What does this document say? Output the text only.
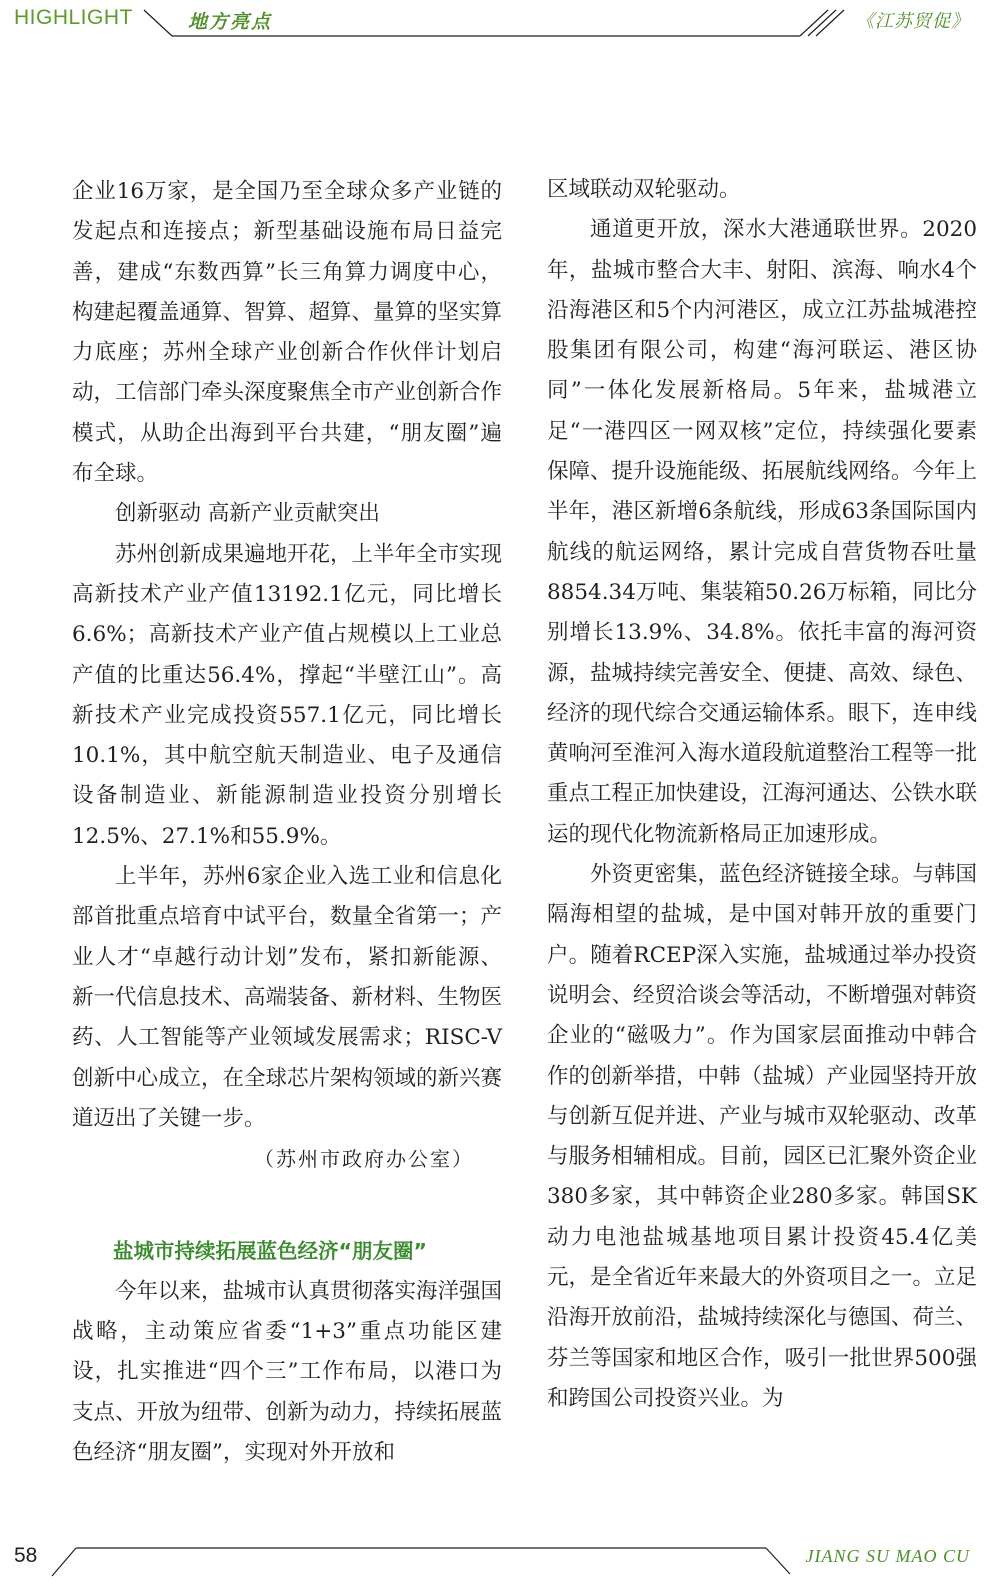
HIGHLIGHT	地方亮点	《江苏贸促》

企业16万家，是全国乃至全球众多产业链的发起点和连接点；新型基础设施布局日益完善，建成“东数西算”长三角算力调度中心，构建起覆盖通算、智算、超算、量算的坚实算力底座；苏州全球产业创新合作伙伴计划启动，工信部门牵头深度聚焦全市产业创新合作模式，从助企出海到平台共建，“朋友圈”遍布全球。

创新驱动 高新产业贡献突出

苏州创新成果遍地开花，上半年全市实现高新技术产业产值13192.1亿元，同比增长6.6%；高新技术产业产值占规模以上工业总产值的比重达56.4%，撑起“半壁江山”。高新技术产业完成投资557.1亿元，同比增长10.1%，其中航空航天制造业、电子及通信设备制造业、新能源制造业投资分别增长12.5%、27.1%和55.9%。

上半年，苏州6家企业入选工业和信息化部首批重点培育中试平台，数量全省第一；产业人才“卓越行动计划”发布，紧扣新能源、新一代信息技术、高端装备、新材料、生物医药、人工智能等产业领域发展需求；RISC-V创新中心成立，在全球芯片架构领域的新兴赛道迈出了关键一步。

（苏州市政府办公室）

盐城市持续拓展蓝色经济“朋友圈”

今年以来，盐城市认真贯彻落实海洋强国战略，主动策应省委“1+3”重点功能区建设，扎实推进“四个三”工作布局，以港口为支点、开放为纽带、创新为动力，持续拓展蓝色经济“朋友圈”，实现对外开放和

区域联动双轮驱动。

通道更开放，深水大港通联世界。2020年，盐城市整合大丰、射阳、滨海、响水4个沿海港区和5个内河港区，成立江苏盐城港控股集团有限公司，构建“海河联运、港区协同”一体化发展新格局。5年来，盐城港立足“一港四区一网双核”定位，持续强化要素保障、提升设施能级、拓展航线网络。今年上半年，港区新增6条航线，形成63条国际国内航线的航运网络，累计完成自营货物吞吐量8854.34万吨、集装箱50.26万标箱，同比分别增长13.9%、34.8%。依托丰富的海河资源，盐城持续完善安全、便捷、高效、绿色、经济的现代综合交通运输体系。眼下，连申线黄响河至淮河入海水道段航道整治工程等一批重点工程正加快建设，江海河通达、公铁水联运的现代化物流新格局正加速形成。

外资更密集，蓝色经济链接全球。与韩国隔海相望的盐城，是中国对韩开放的重要门户。随着RCEP深入实施，盐城通过举办投资说明会、经贸洽谈会等活动，不断增强对韩资企业的“磁吸力”。作为国家层面推动中韩合作的创新举措，中韩（盐城）产业园坚持开放与创新互促并进、产业与城市双轮驱动、改革与服务相辅相成。目前，园区已汇聚外资企业380多家，其中韩资企业280多家。韩国SK动力电池盐城基地项目累计投资45.4亿美元，是全省近年来最大的外资项目之一。立足沿海开放前沿，盐城持续深化与德国、荷兰、芬兰等国家和地区合作，吸引一批世界500强和跨国公司投资兴业。为

58	JIANG SU MAO CU
